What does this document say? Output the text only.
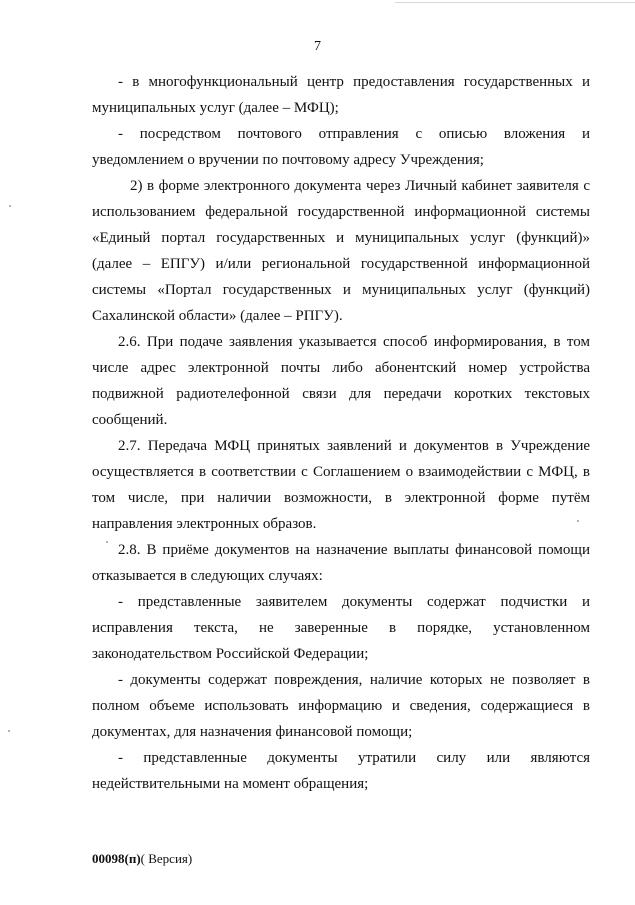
7

- в многофункциональный центр предоставления государственных и муниципальных услуг (далее – МФЦ);

- посредством почтового отправления с описью вложения и уведомлением о вручении по почтовому адресу Учреждения;

2) в форме электронного документа через Личный кабинет заявителя с использованием федеральной государственной информационной системы «Единый портал государственных и муниципальных услуг (функций)» (далее – ЕПГУ) и/или региональной государственной информационной системы «Портал государственных и муниципальных услуг (функций) Сахалинской области» (далее – РПГУ).

2.6. При подаче заявления указывается способ информирования, в том числе адрес электронной почты либо абонентский номер устройства подвижной радиотелефонной связи для передачи коротких текстовых сообщений.

2.7. Передача МФЦ принятых заявлений и документов в Учреждение осуществляется в соответствии с Соглашением о взаимодействии с МФЦ, в том числе, при наличии возможности, в электронной форме путём направления электронных образов.

2.8. В приёме документов на назначение выплаты финансовой помощи отказывается в следующих случаях:

- представленные заявителем документы содержат подчистки и исправления текста, не заверенные в порядке, установленном законодательством Российской Федерации;

- документы содержат повреждения, наличие которых не позволяет в полном объеме использовать информацию и сведения, содержащиеся в документах, для назначения финансовой помощи;

- представленные документы утратили силу или являются недействительными на момент обращения;

00098(п)( Версия)
